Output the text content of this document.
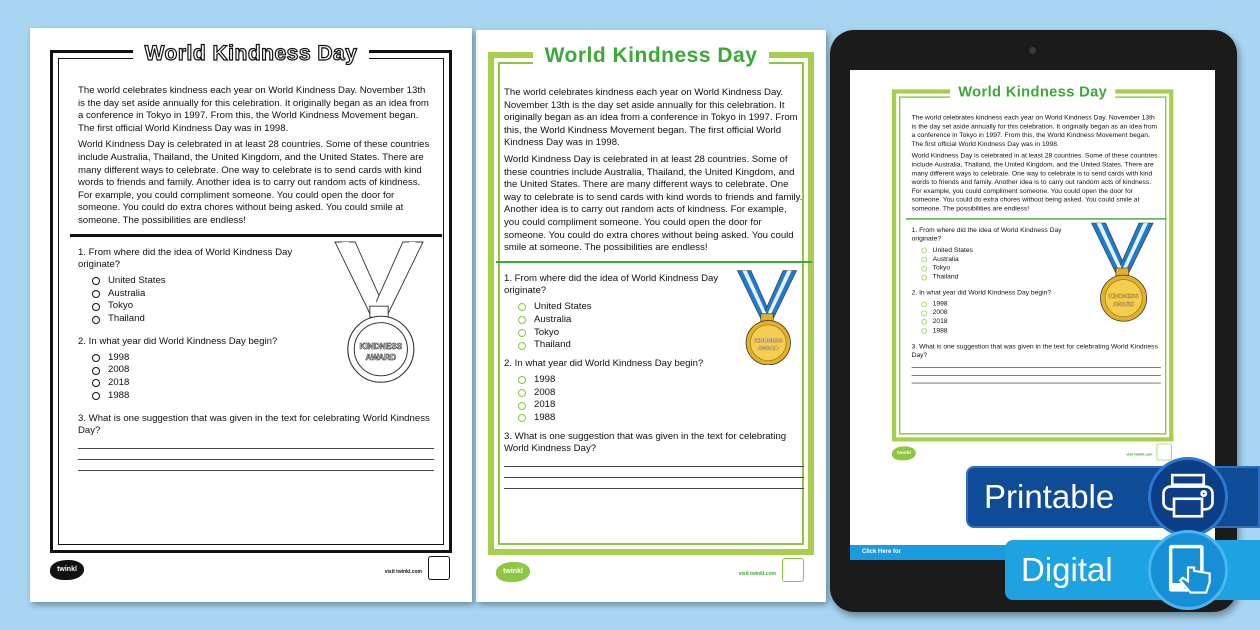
World Kindness Day

The world celebrates kindness each year on World Kindness Day. November 13th is the day set aside annually for this celebration. It originally began as an idea from a conference in Tokyo in 1997. From this, the World Kindness Movement began. The first official World Kindness Day was in 1998.

World Kindness Day is celebrated in at least 28 countries. Some of these countries include Australia, Thailand, the United Kingdom, and the United States. There are many different ways to celebrate. One way to celebrate is to send cards with kind words to friends and family. Another idea is to carry out random acts of kindness. For example, you could compliment someone. You could open the door for someone. You could do extra chores without being asked. You could smile at someone. The possibilities are endless!

1. From where did the idea of World Kindness Day originate?
United States
Australia
Tokyo
Thailand
2. In what year did World Kindness Day begin?
1998
2008
2018
1988
KINDNESS
AWARD
3. What is one suggestion that was given in the text for celebrating World Kindness Day?
twinkl	visit twinkl.com
World Kindness Day

The world celebrates kindness each year on World Kindness Day. November 13th is the day set aside annually for this celebration. It originally began as an idea from a conference in Tokyo in 1997. From this, the World Kindness Movement began. The first official World Kindness Day was in 1998.

World Kindness Day is celebrated in at least 28 countries. Some of these countries include Australia, Thailand, the United Kingdom, and the United States. There are many different ways to celebrate. One way to celebrate is to send cards with kind words to friends and family. Another idea is to carry out random acts of kindness. For example, you could compliment someone. You could open the door for someone. You could do extra chores without being asked. You could smile at someone. The possibilities are endless!

1. From where did the idea of World Kindness Day originate?
United States
Australia
Tokyo
Thailand
2. In what year did World Kindness Day begin?
1998
2008
2018
1988
KINDNESS
AWARD
3. What is one suggestion that was given in the text for celebrating World Kindness Day?
twinkl	visit twinkl.com
World Kindness Day

The world celebrates kindness each year on World Kindness Day. November 13th is the day set aside annually for this celebration. It originally began as an idea from a conference in Tokyo in 1997. From this, the World Kindness Movement began. The first official World Kindness Day was in 1998.

World Kindness Day is celebrated in at least 28 countries. Some of these countries include Australia, Thailand, the United Kingdom, and the United States. There are many different ways to celebrate. One way to celebrate is to send cards with kind words to friends and family. Another idea is to carry out random acts of kindness. For example, you could compliment someone. You could open the door for someone. You could do extra chores without being asked. You could smile at someone. The possibilities are endless!

1. From where did the idea of World Kindness Day originate?
United States
Australia
Tokyo
Thailand
2. In what year did World Kindness Day begin?
1998
2008
2018
1988
KINDNESS
AWARD
3. What is one suggestion that was given in the text for celebrating World Kindness Day?
twinkl	visit twinkl.com
Click Here for
Printable
Digital
